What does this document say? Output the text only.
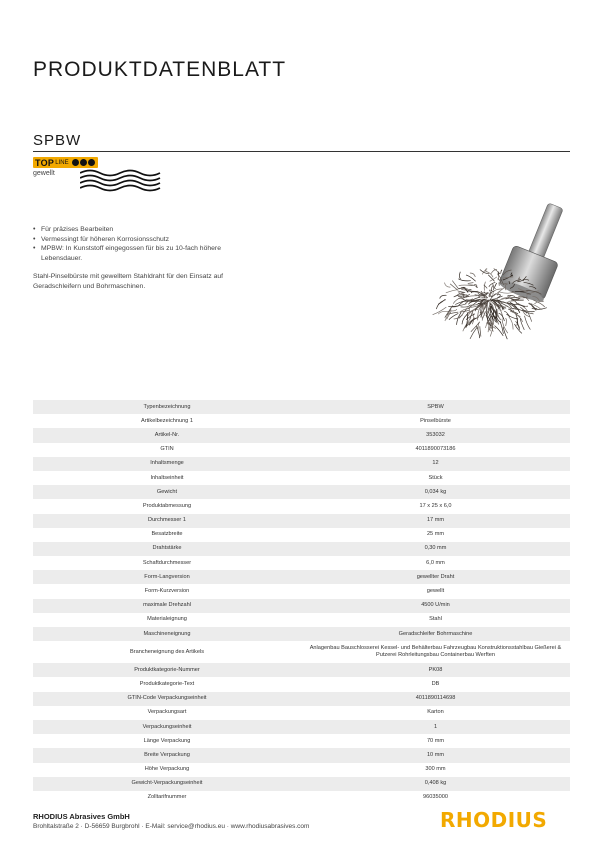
PRODUKTDATENBLATT
SPBW
TOP LINE
gewellt
• Für präzises Bearbeiten
• Vermessingt für höheren Korrosionsschutz
• MPBW: In Kunststoff eingegossen für bis zu 10-fach höhere Lebensdauer.
Stahl-Pinselbürste mit gewelltem Stahldraht für den Einsatz auf Geradschleifern und Bohrmaschinen.
Typenbezeichnung	SPBW
Artikelbezeichnung 1	Pinselbürste
Artikel-Nr.	353032
GTIN	4011890073186
Inhaltsmenge	12
Inhaltseinheit	Stück
Gewicht	0,034 kg
Produktabmessung	17 x 25 x 6,0
Durchmesser 1	17 mm
Besatzbreite	25 mm
Drahtstärke	0,30 mm
Schaftdurchmesser	6,0 mm
Form-Langversion	gewellter Draht
Form-Kurzversion	gewellt
maximale Drehzahl	4500 U/min
Materialeignung	Stahl
Maschineneignung	Geradschleifer Bohrmaschine
Brancheneignung des Artikels	Anlagenbau Bauschlosserei Kessel- und Behälterbau Fahrzeugbau Konstruktionsstahlbau Gießerei & Putzerei Rohrleitungsbau Containerbau Werften
Produktkategorie-Nummer	PK08
Produktkategorie-Text	DB
GTIN-Code Verpackungseinheit	4011890114698
Verpackungsart	Karton
Verpackungseinheit	1
Länge Verpackung	70 mm
Breite Verpackung	10 mm
Höhe Verpackung	300 mm
Gewicht-Verpackungseinheit	0,408 kg
Zolltarifnummer	96035000
RHODIUS Abrasives GmbH
Brohltalstraße 2 · D-56659 Burgbrohl · E-Mail: service@rhodius.eu · www.rhodiusabrasives.com	RHODIUS
